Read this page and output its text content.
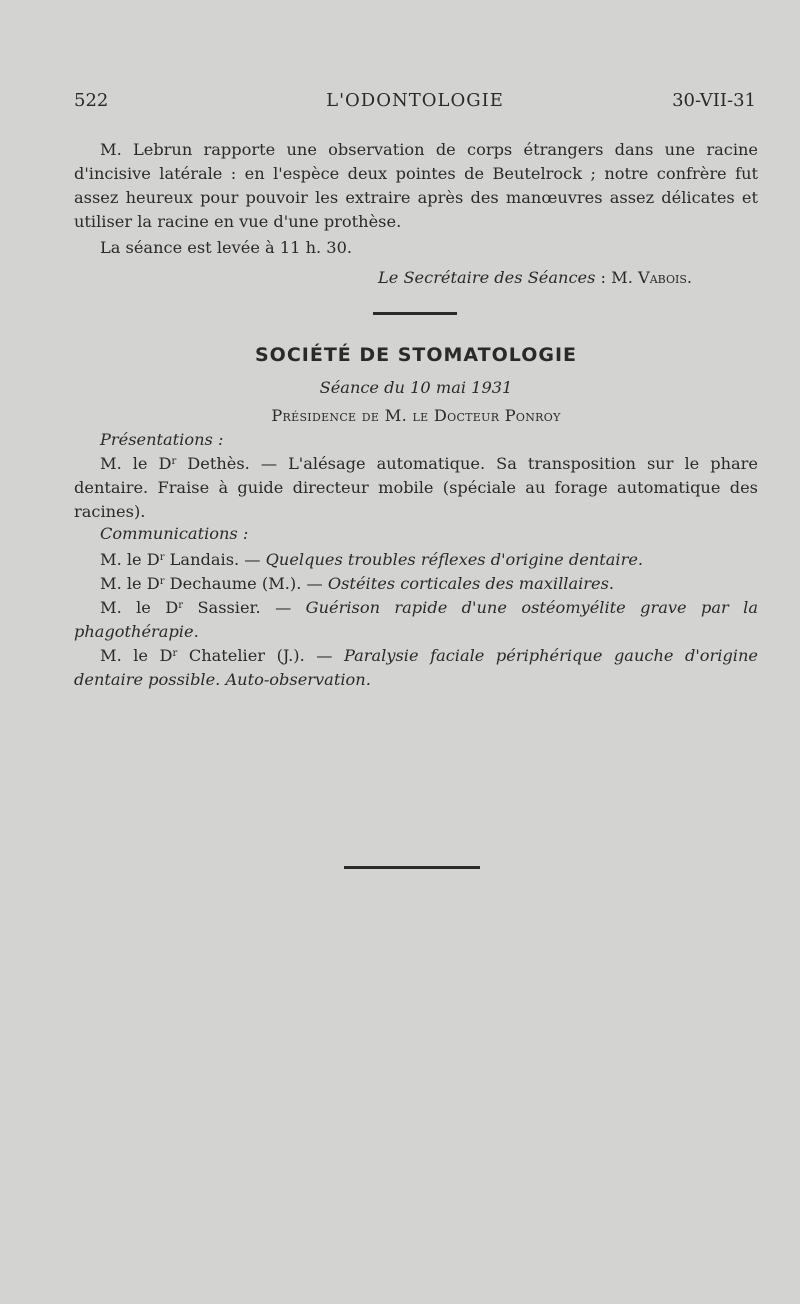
522	L'ODONTOLOGIE	30-VII-31
M. Lebrun rapporte une observation de corps étrangers dans une racine d'incisive latérale : en l'espèce deux pointes de Beutelrock ; notre confrère fut assez heureux pour pouvoir les extraire après des manœuvres assez délicates et utiliser la racine en vue d'une prothèse.
La séance est levée à 11 h. 30.
Le Secrétaire des Séances : M. Vabois.
SOCIÉTÉ DE STOMATOLOGIE
Séance du 10 mai 1931
Présidence de M. le Docteur Ponroy
Présentations :
M. le $D^r$ Dethès. — L'alésage automatique. Sa transposition sur le phare dentaire. Fraise à guide directeur mobile (spéciale au forage automatique des racines).
Communications :
M. le $D^r$ Landais. — Quelques troubles réflexes d'origine dentaire.
M. le $D^r$ Dechaume (M.). — Ostéites corticales des maxillaires.
M. le $D^r$ Sassier. — Guérison rapide d'une ostéomyélite grave par la phagothérapie.
M. le $D^r$ Chatelier (J.). — Paralysie faciale périphérique gauche d'origine dentaire possible. Auto-observation.
